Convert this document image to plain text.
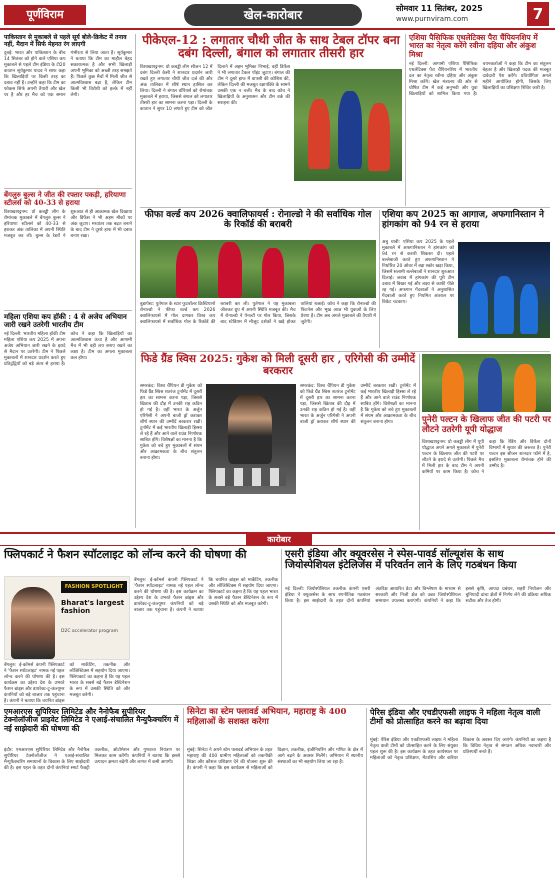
पूर्णविराम	खेल-कारोबार	सोमवार 11 सितंबर, 2025
www.purnviram.com	7
पाकिस्तान से मुकाबले से पहले सूर्य बोले-क्रिकेट में तनाव नहीं, मैदान में सिर्फ मेहनत रंग लाएगी
दुबई: भारत और पाकिस्तान के बीच 14 सितंबर को होने वाले एशिया कप मुकाबले से पहले टीम इंडिया के टी20 कप्तान सूर्यकुमार यादव ने साफ कहा कि खिलाड़ियों पर किसी तरह का दबाव नहीं है। उन्होंने कहा कि टीम का फोकस सिर्फ अपनी तैयारी और खेल पर है और हर मैच को एक समान गंभीरता से लिया जाता है। सूर्यकुमार ने बताया कि टीम का माहौल बेहद सकारात्मक है और सभी खिलाड़ी अपनी भूमिका को अच्छी तरह समझते हैं। पिछले कुछ मैचों में मिली जीत से आत्मविश्वास बढ़ा है, लेकिन टीम किसी भी विरोधी को हल्के में नहीं लेगी।
बेंगलुरु बुल्स ने जीत की रफ्तार पकड़ी, हरियाणा स्टीलर्स को 40-33 से हराया
विशाखापट्टनम: प्रो कबड्डी लीग के रोमांचक मुकाबले में बेंगलुरु बुल्स ने हरियाणा स्टीलर्स को 40-33 से हराकर अंक तालिका में अपनी स्थिति मजबूत कर ली। बुल्स के रेडरों ने शुरुआत से ही आक्रामक खेल दिखाया और डिफेंस ने भी अहम मौकों पर अंक जुटाए। मध्यांतर तक बढ़त बनाने के बाद टीम ने दूसरे हाफ में भी दबाव बनाए रखा।
महिला एशिया कप हॉकी : 4 से अजेय अभियान जारी रखने उतरेगी भारतीय टीम
नई दिल्ली: भारतीय महिला हॉकी टीम महिला एशिया कप 2025 में अपना अजेय अभियान जारी रखने के इरादे से मैदान पर उतरेगी। टीम ने पिछले मुकाबलों में शानदार प्रदर्शन करते हुए प्रतिद्वंद्वियों को बड़े अंतर से हराया है। कोच ने कहा कि खिलाड़ियों का आत्मविश्वास ऊंचा है और आगामी मैच में भी वही लय बनाए रखने का लक्ष्य है। टीम का अगला मुकाबला कल होगा।
पीकेएल-12 : लगातार चौथी जीत के साथ टेबल टॉपर बना दबंग दिल्ली, बंगाल को लगातार तीसरी हार
विशाखापट्टनम: प्रो कबड्डी लीग सीजन 12 में दबंग दिल्ली केसी ने शानदार प्रदर्शन जारी रखते हुए लगातार चौथी जीत दर्ज की और अंक तालिका में शीर्ष स्थान हासिल कर लिया। दिल्ली ने बंगाल वॉरियर्स को रोमांचक मुकाबले में हराया, जिससे बंगाल को लगातार तीसरी हार का सामना करना पड़ा। दिल्ली के कप्तान ने सुपर 10 लगाते हुए टीम को जीत दिलाने में अहम भूमिका निभाई, वहीं डिफेंस ने भी लगातार टैकल पॉइंट जुटाए। बंगाल की टीम ने दूसरे हाफ में वापसी की कोशिश की, लेकिन दिल्ली की मजबूत रक्षापंक्ति के सामने उसकी एक न चली। मैच के बाद कोच ने खिलाड़ियों के अनुशासन और टीम वर्क की सराहना की।
फीफा वर्ल्ड कप 2026 क्वालिफायर्स : रोनाल्डो ने की सर्वाधिक गोल के रिकॉर्ड की बराबरी
बुडापेस्ट: पुर्तगाल के स्टार फुटबॉलर क्रिस्टियानो रोनाल्डो ने फीफा वर्ल्ड कप 2026 क्वालिफायर्स में गोल दागकर विश्व कप क्वालिफायर्स में सर्वाधिक गोल के रिकॉर्ड की बराबरी कर ली। पुर्तगाल ने यह मुकाबला जीतकर ग्रुप में अपनी स्थिति मजबूत की। मैच में रोनाल्डो ने पेनल्टी पर गोल किया, जिसके बाद स्टेडियम में मौजूद दर्शकों ने खड़े होकर तालियां बजाईं। कोच ने कहा कि रोनाल्डो की फिटनेस और भूख आज भी युवाओं के लिए प्रेरणा है। टीम अब अगले मुकाबले की तैयारी में जुटेगी।
एशिया कप 2025 का आगाज, अफगानिस्तान ने हांगकांग को 94 रन से हराया
अबु धाबी: एशिया कप 2025 के पहले मुकाबले में अफगानिस्तान ने हांगकांग को 94 रन से करारी शिकस्त दी। पहले बल्लेबाजी करते हुए अफगानिस्तान ने निर्धारित 20 ओवर में बड़ा स्कोर खड़ा किया, जिसमें सलामी बल्लेबाजों ने शानदार शुरुआत दिलाई। जवाब में हांगकांग की पूरी टीम दबाव में बिखर गई और लक्ष्य से काफी पीछे रह गई। अफगान गेंदबाजों ने अनुशासित गेंदबाजी करते हुए नियमित अंतराल पर विकेट चटकाए।
एशिया पैसिफिक एथलेटिक्स पैरा चैंपियनशिप में भारत का नेतृत्व करेंगे रवीना दहिया और अंकुश मिश्रा
नई दिल्ली: आगामी एशिया पैसिफिक एथलेटिक्स पैरा चैंपियनशिप में भारतीय दल का नेतृत्व रवीना दहिया और अंकुश मिश्रा करेंगे। खेल मंत्रालय की ओर से घोषित टीम में कई अनुभवी और युवा खिलाड़ियों को शामिल किया गया है। चयनकर्ताओं ने कहा कि टीम का संतुलन बेहतर है और खिलाड़ी पदक की मजबूत दावेदारी पेश करेंगे। प्रतियोगिता अगले महीने आयोजित होगी, जिसके लिए खिलाड़ियों का प्रशिक्षण शिविर जारी है।
फिडे ग्रैंड स्विस 2025: गुकेश को मिली दूसरी हार , एरिगेसी की उम्मीदें बरकरार
समरकंद: विश्व चैंपियन डी गुकेश को फिडे ग्रैंड स्विस शतरंज टूर्नामेंट में दूसरी हार का सामना करना पड़ा, जिससे खिताब की दौड़ में उनकी राह कठिन हो गई है। वहीं भारत के अर्जुन एरिगेसी ने अपनी बाजी ड्रॉ कराकर शीर्ष स्थान की उम्मीदें बरकरार रखीं। टूर्नामेंट में कई भारतीय खिलाड़ी हिस्सा ले रहे हैं और आने वाले राउंड निर्णायक साबित होंगे। विशेषज्ञों का मानना है कि गुकेश को बचे हुए मुकाबलों में संयम और आक्रामकता के बीच संतुलन बनाना होगा।
समरकंद: विश्व चैंपियन डी गुकेश को फिडे ग्रैंड स्विस शतरंज टूर्नामेंट में दूसरी हार का सामना करना पड़ा, जिससे खिताब की दौड़ में उनकी राह कठिन हो गई है। वहीं भारत के अर्जुन एरिगेसी ने अपनी बाजी ड्रॉ कराकर शीर्ष स्थान की उम्मीदें बरकरार रखीं। टूर्नामेंट में कई भारतीय खिलाड़ी हिस्सा ले रहे हैं और आने वाले राउंड निर्णायक साबित होंगे। विशेषज्ञों का मानना है कि गुकेश को बचे हुए मुकाबलों में संयम और आक्रामकता के बीच संतुलन बनाना होगा।	पुनेरी पल्टन के खिलाफ जीत की पटरी पर लौटने उतरेगी यूपी योद्धाज
विशाखापट्टनम: प्रो कबड्डी लीग में यूपी योद्धाज अपने अगले मुकाबले में पुनेरी पल्टन के खिलाफ जीत की पटरी पर लौटने के इरादे से उतरेगी। पिछले मैच में मिली हार के बाद टीम ने अपनी कमियों पर काम किया है। कोच ने कहा कि रेडिंग और डिफेंस दोनों विभागों में सुधार की जरूरत है। पुनेरी पल्टन इस सीजन शानदार फॉर्म में है, इसलिए मुकाबला रोमांचक होने की उम्मीद है।
कारोबार
फ्लिपकार्ट ने फैशन स्पॉटलाइट को लॉन्च करने की घोषणा की
FASHION SPOTLIGHT
Bharat's largest fashion
D2C accelerator program
बेंगलुरु: ई-कॉमर्स कंपनी फ्लिपकार्ट ने 'फैशन स्पॉटलाइट' नामक नई पहल लॉन्च करने की घोषणा की है। इस कार्यक्रम का उद्देश्य देश के उभरते फैशन ब्रांड्स और डायरेक्ट-टू-कंज्यूमर कंपनियों को बड़े बाजार तक पहुंचाना है। कंपनी ने बताया कि चयनित ब्रांड्स को मार्केटिंग, तकनीक और लॉजिस्टिक्स में सहयोग दिया जाएगा। फ्लिपकार्ट का कहना है कि यह पहल भारत के सबसे बड़े फैशन डेस्टिनेशन के रूप में उसकी स्थिति को और मजबूत करेगी।
बेंगलुरु: ई-कॉमर्स कंपनी फ्लिपकार्ट ने 'फैशन स्पॉटलाइट' नामक नई पहल लॉन्च करने की घोषणा की है। इस कार्यक्रम का उद्देश्य देश के उभरते फैशन ब्रांड्स और डायरेक्ट-टू-कंज्यूमर कंपनियों को बड़े बाजार तक पहुंचाना है। कंपनी ने बताया कि चयनित ब्रांड्स को मार्केटिंग, तकनीक और लॉजिस्टिक्स में सहयोग दिया जाएगा। फ्लिपकार्ट का कहना है कि यह पहल भारत के सबसे बड़े फैशन डेस्टिनेशन के रूप में उसकी स्थिति को और मजबूत करेगी।
एसरी इंडिया और क्यूवरसेस ने स्पेस-पावर्ड सॉल्यूशंस के साथ जियोस्पेशियल इंटेलिजेंस में परिवर्तन लाने के लिए गठबंधन किया
नई दिल्ली: जियोस्पेशियल तकनीक कंपनी एसरी इंडिया ने क्यूवरसेस के साथ रणनीतिक गठबंधन किया है। इस साझेदारी के तहत दोनों कंपनियां अंतरिक्ष आधारित डेटा और विश्लेषण के माध्यम से सरकारी और निजी क्षेत्र को उन्नत जियोस्पेशियल समाधान उपलब्ध कराएंगी। कंपनियों ने कहा कि इससे कृषि, आपदा प्रबंधन, शहरी नियोजन और बुनियादी ढांचा क्षेत्रों में निर्णय लेने की प्रक्रिया अधिक सटीक और तेज होगी।
एमआरएस सुपिरियर लिमिटेड और नैनोफैब सुपीरियर टेक्नोलॉजीज प्राइवेट लिमिटेड ने एआई-संचालित मैन्युफैक्चरिंग में नई साझेदारी की घोषणा की
इंदौर: एमआरएस सुपिरियर लिमिटेड और नैनोफैब सुपीरियर टेक्नोलॉजीज ने एआई-संचालित मैन्युफैक्चरिंग समाधानों के विकास के लिए साझेदारी की है। इस पहल के तहत दोनों कंपनियां स्मार्ट फैक्ट्री तकनीक, ऑटोमेशन और गुणवत्ता नियंत्रण पर मिलकर काम करेंगी। कंपनियों ने बताया कि इससे उत्पादन क्षमता बढ़ेगी और लागत में कमी आएगी।
सिनेटा का स्टेम फ्लावर्ड अभियान, महाराष्ट्र के 400 महिलाओं के सशक्त करेगा
मुंबई: सिनेटा ने अपने स्टेम फ्लावर्ड अभियान के तहत महाराष्ट्र की 400 ग्रामीण महिलाओं को तकनीकी शिक्षा और कौशल प्रशिक्षण देने की योजना शुरू की है। कंपनी ने कहा कि इस कार्यक्रम से महिलाओं को विज्ञान, तकनीक, इंजीनियरिंग और गणित के क्षेत्र में आगे बढ़ने के अवसर मिलेंगे। अभियान में स्थानीय संस्थाओं का भी सहयोग लिया जा रहा है।
पेरिस इंडिया और एचडीएफसी लाइफ ने महिला नेतृत्व वाली टीमों को प्रोत्साहित करने का बढ़ावा दिया
मुंबई: पेरिस इंडिया और एचडीएफसी लाइफ ने महिला नेतृत्व वाली टीमों को प्रोत्साहित करने के लिए संयुक्त पहल शुरू की है। इस कार्यक्रम के तहत कार्यस्थल पर महिलाओं को नेतृत्व प्रशिक्षण, मेंटरशिप और करियर विकास के अवसर दिए जाएंगे। कंपनियों का कहना है कि विविध नेतृत्व से संगठन अधिक नवाचारी और प्रतिस्पर्धी बनते हैं।
